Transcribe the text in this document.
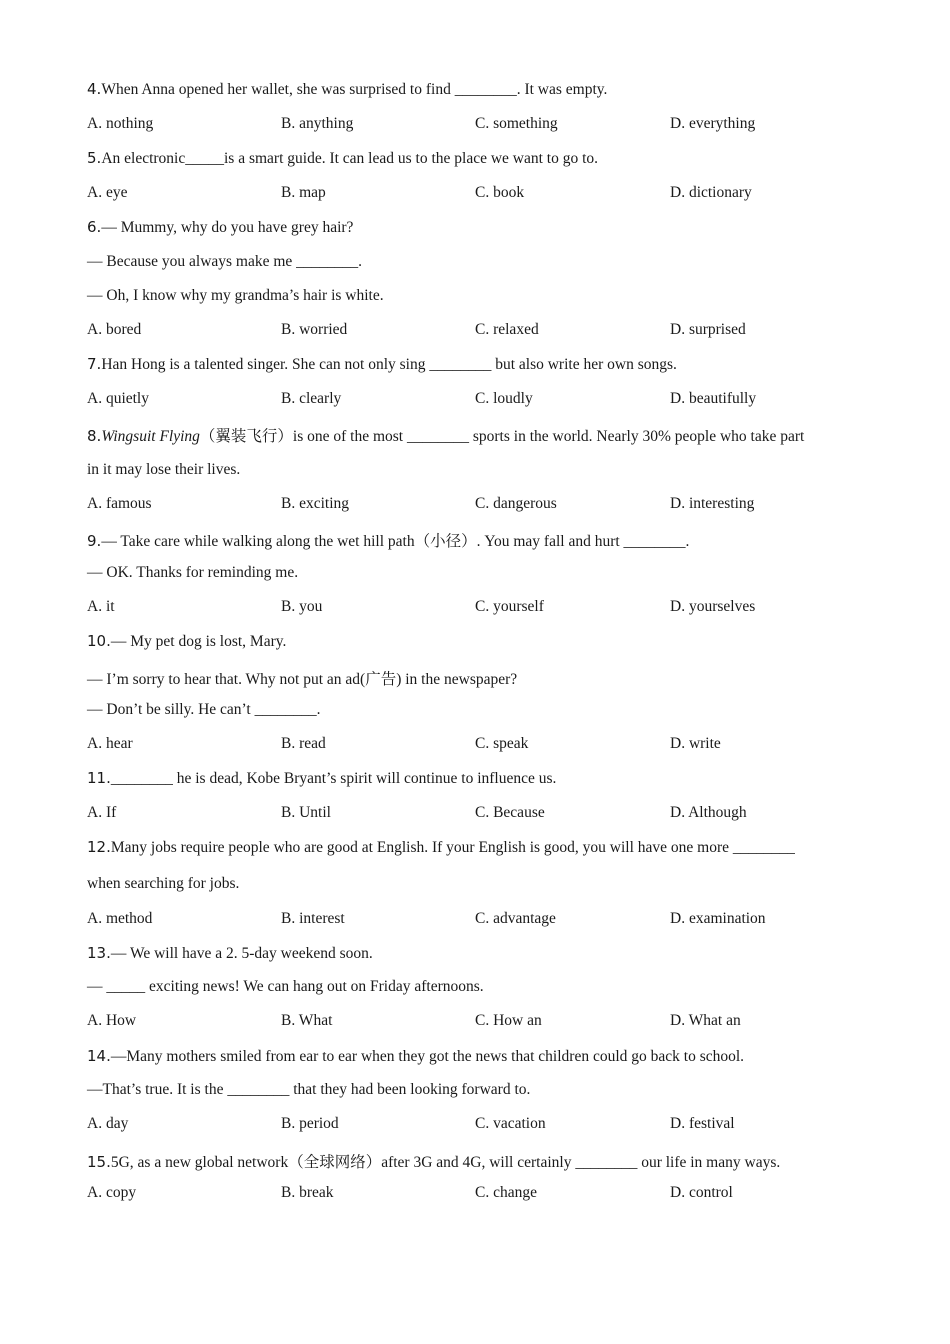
4.When Anna opened her wallet, she was surprised to find ________. It was empty.
A. nothing	B. anything	C. something	D. everything
5.An electronic_____is a smart guide. It can lead us to the place we want to go to.
A. eye	B. map	C. book	D. dictionary
6.— Mummy, why do you have grey hair?
— Because you always make me ________.
— Oh, I know why my grandma’s hair is white.
A. bored	B. worried	C. relaxed	D. surprised
7.Han Hong is a talented singer. She can not only sing ________ but also write her own songs.
A. quietly	B. clearly	C. loudly	D. beautifully
8.Wingsuit Flying（翼装飞行）is one of the most ________ sports in the world. Nearly 30% people who take part
in it may lose their lives.
A. famous	B. exciting	C. dangerous	D. interesting
9.— Take care while walking along the wet hill path（小径）. You may fall and hurt ________.
— OK. Thanks for reminding me.
A. it	B. you	C. yourself	D. yourselves
10.— My pet dog is lost, Mary.
— I’m sorry to hear that. Why not put an ad(广告) in the newspaper?
— Don’t be silly. He can’t ________.
A. hear	B. read	C. speak	D. write
11.________ he is dead, Kobe Bryant’s spirit will continue to influence us.
A. If	B. Until	C. Because	D. Although
12.Many jobs require people who are good at English. If your English is good, you will have one more ________
when searching for jobs.
A. method	B. interest	C. advantage	D. examination
13.— We will have a 2. 5-day weekend soon.
— _____ exciting news! We can hang out on Friday afternoons.
A. How	B. What	C. How an	D. What an
14.—Many mothers smiled from ear to ear when they got the news that children could go back to school.
—That’s true. It is the ________ that they had been looking forward to.
A. day	B. period	C. vacation	D. festival
15.5G, as a new global network（全球网络）after 3G and 4G, will certainly ________ our life in many ways.
A. copy	B. break	C. change	D. control
